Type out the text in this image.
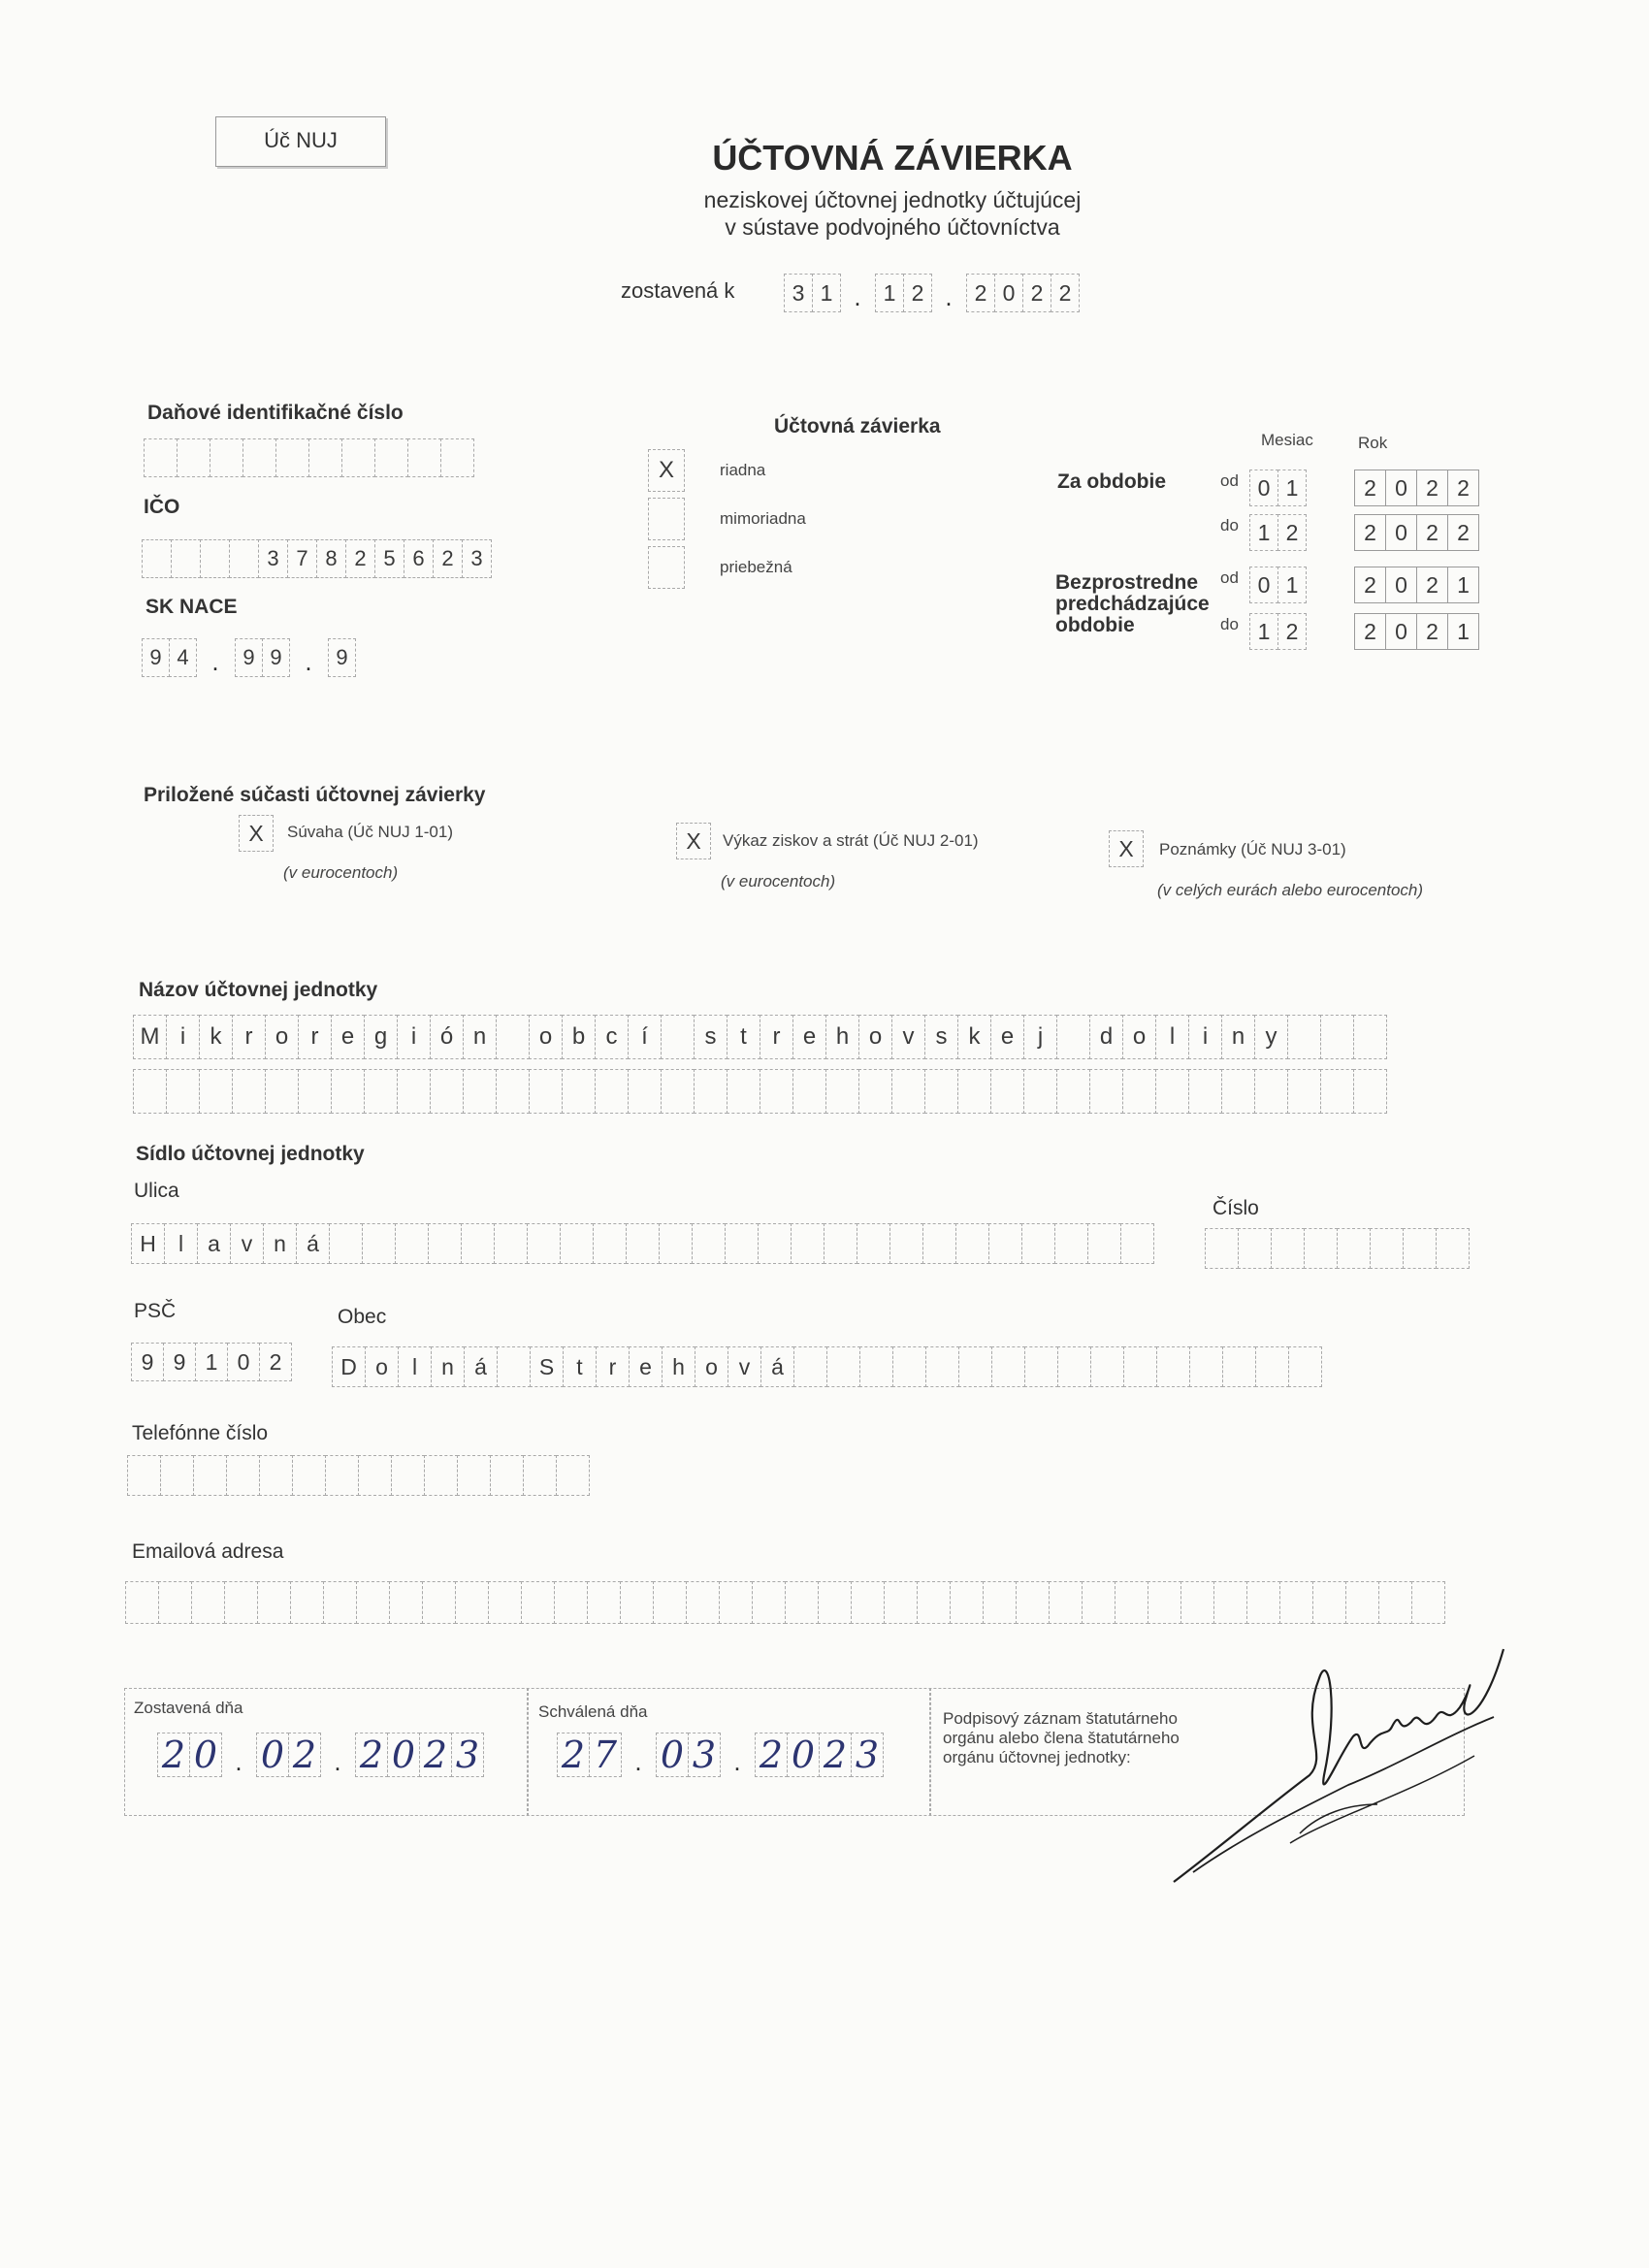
Úč NUJ	ÚČTOVNÁ ZÁVIERKA
neziskovej účtovnej jednotky účtujúcej
v sústave podvojného účtovníctva
zostavená k	3 1 . 1 2 . 2 0 2 2
Daňové identifikačné číslo
IČO
3 7 8 2 5 6 2 3
SK NACE
9 4 .	9 9 .	9
Účtovná závierka
X	riadna
mimoriadna
priebežná
Mesiac	Rok
Za obdobie
Bezprostredne
predchádzajúce
obdobie
od 0 1	2 0 2 2
do 1 2	2 0 2 2
od 0 1	2 0 2 1
do 1 2	2 0 2 1
Priložené súčasti účtovnej závierky
X	Súvaha (Úč NUJ 1-01)
(v eurocentoch)
X	Výkaz ziskov a strát (Úč NUJ 2-01)
(v eurocentoch)
X	Poznámky (Úč NUJ 3-01)
(v celých eurách alebo eurocentoch)
Názov účtovnej jednotky
M i	k	r o r e g	i	ó n	o b c	í	s	t	r e h o v s k e	j	d o	l	i	n y
Sídlo účtovnej jednotky
Ulica
H	l	a v n á
Číslo
PSČ
9 9 1 0 2
Obec
D o	l	n á	S	t	r	e h o v á
Telefónne číslo
Emailová adresa
Zostavená dňa
2 0 . 0 2 . 2 0 2 3
Schválená dňa
2 7 . 0 3 . 2 0 2 3
Podpisový záznam štatutárneho
orgánu alebo člena štatutárneho
orgánu účtovnej jednotky:
